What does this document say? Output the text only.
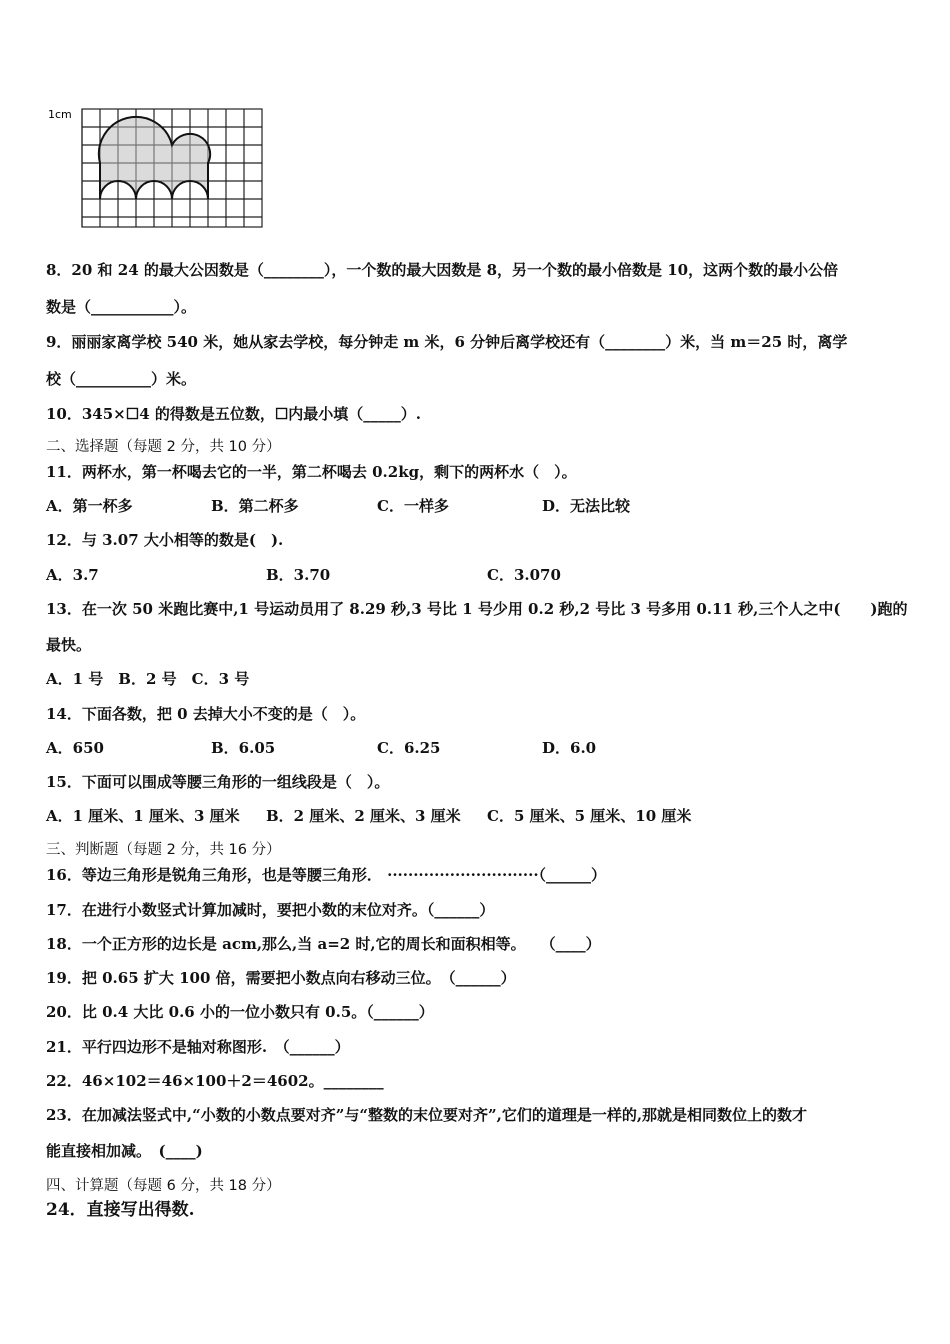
1cm
8．20 和 24 的最大公因数是（________），一个数的最大因数是 8，另一个数的最小倍数是 10，这两个数的最小公倍
数是（___________）。
9．丽丽家离学校 540 米，她从家去学校，每分钟走 m 米，6 分钟后离学校还有（________）米，当 m＝25 时，离学
校（__________）米。
10．345×☐4 的得数是五位数，☐内最小填（_____）.
二、选择题（每题 2 分，共 10 分）
11．两杯水，第一杯喝去它的一半，第二杯喝去 0.2kg，剩下的两杯水（　）。
A．第一杯多	B．第二杯多	C．一样多	D．无法比较
12．与 3.07 大小相等的数是(　).
A．3.7	B．3.70	C．3.070
13．在一次 50 米跑比赛中,1 号运动员用了 8.29 秒,3 号比 1 号少用 0.2 秒,2 号比 3 号多用 0.11 秒,三个人之中(　　)跑的
最快。
A．1 号　B．2 号　C．3 号
14．下面各数，把 0 去掉大小不变的是（　）。
A．650	B．6.05	C．6.25	D．6.0
15．下面可以围成等腰三角形的一组线段是（　）。
A．1 厘米、1 厘米、3 厘米 B．2 厘米、2 厘米、3 厘米 C．5 厘米、5 厘米、10 厘米
三、判断题（每题 2 分，共 16 分）
16．等边三角形是锐角三角形，也是等腰三角形． ·····························（______）
17．在进行小数竖式计算加减时，要把小数的末位对齐。（______）
18．一个正方形的边长是 acm,那么,当 a=2 时,它的周长和面积相等。　　（____）
19．把 0.65 扩大 100 倍，需要把小数点向右移动三位。　（______）
20．比 0.4 大比 0.6 小的一位小数只有 0.5。（______）
21．平行四边形不是轴对称图形.　（______）
22．46×102＝46×100＋2＝4602。________
23．在加减法竖式中,“小数的小数点要对齐”与“整数的末位要对齐”,它们的道理是一样的,那就是相同数位上的数才
能直接相加减。　(____)
四、计算题（每题 6 分，共 18 分）
24．直接写出得数.
